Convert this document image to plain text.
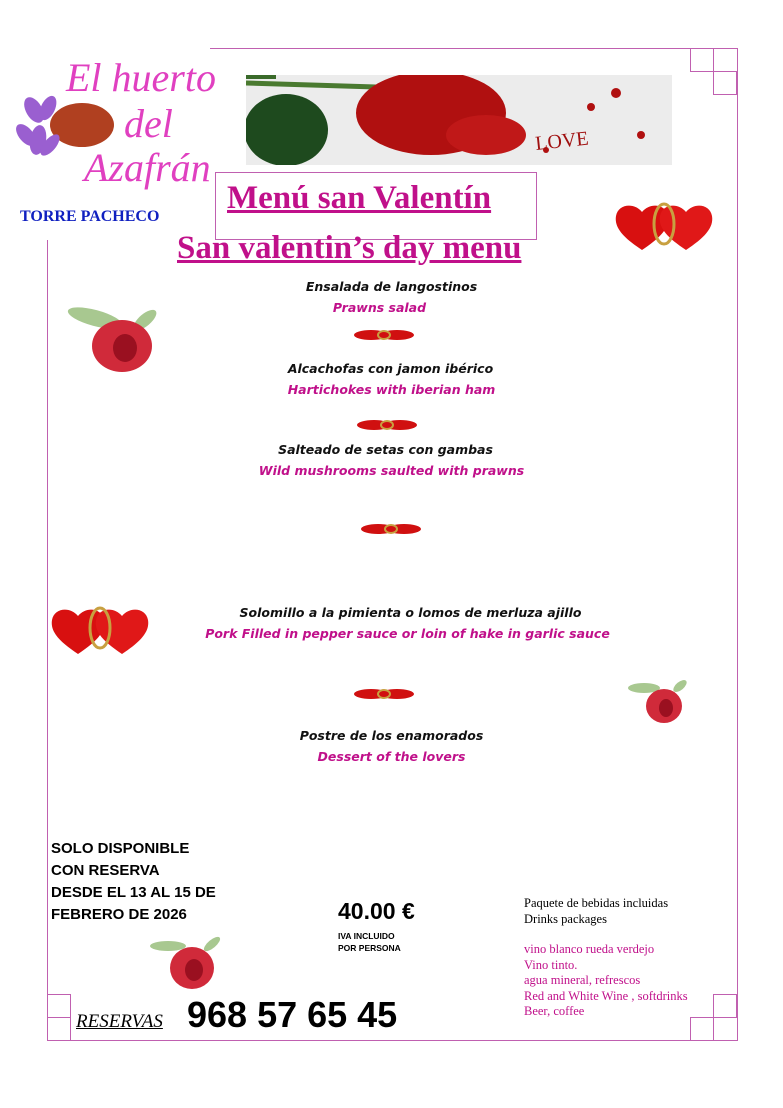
El huerto
del
Azafrán
TORRE PACHECO
LOVE
Menú san Valentín
San valentin’s day menu
Ensalada de langostinos
Prawns salad
Alcachofas con jamon ibérico
Hartichokes with iberian ham
Salteado de setas con gambas
Wild mushrooms saulted with prawns
Solomillo a la pimienta o lomos de merluza ajillo
Pork Filled in pepper sauce or loin of hake in garlic sauce
Postre de los enamorados
Dessert of the lovers
SOLO DISPONIBLE
CON RESERVA
DESDE EL 13 AL 15 DE
FEBRERO DE 2026	40.00 €
IVA INCLUIDO
POR PERSONA
Paquete de bebidas incluidas
Drinks packages
vino blanco rueda verdejo
Vino tinto.
agua mineral, refrescos
Red and White Wine , softdrinks
Beer, coffee
RESERVAS 968 57 65 45
